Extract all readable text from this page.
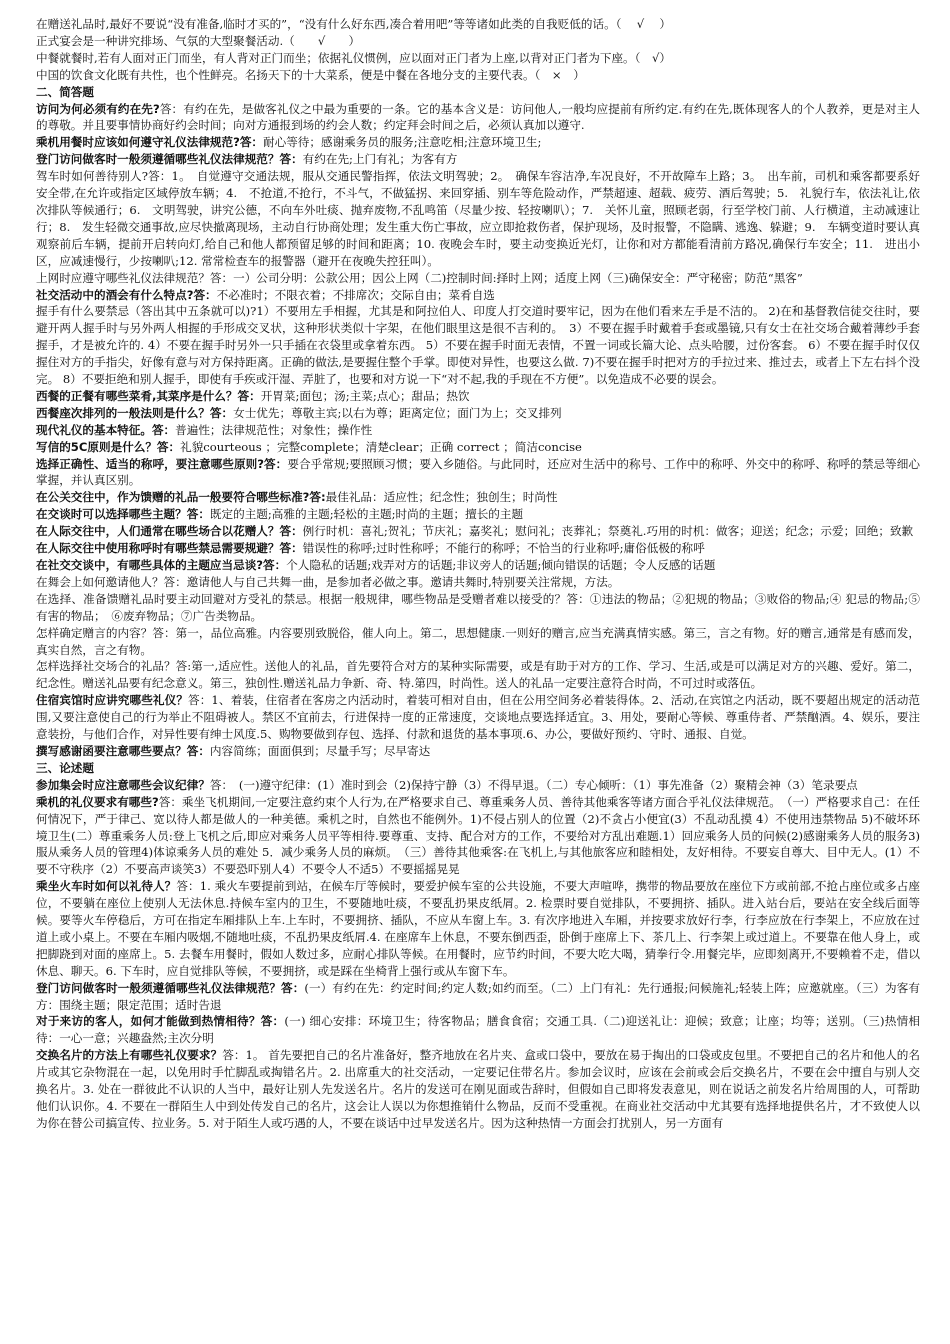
在赠送礼品时,最好不要说“没有准备,临时才买的”，“没有什么好东西,凑合着用吧”等等诸如此类的自我贬低的话。（　 √　 ）

正式宴会是一种讲究排场、气氛的大型聚餐活动.（　　√　　）

中餐就餐时,若有人面对正门而坐，有人背对正门而坐；依据礼仪惯例，应以面对正门者为上座,以背对正门者为下座。（　√）

中国的饮食文化既有共性，也个性鲜亮。名扬天下的十大菜系，便是中餐在各地分支的主要代表。（　×　）

二、简答题

访问为何必须有约在先?答：有约在先，是做客礼仪之中最为重要的一条。它的基本含义是：访问他人,一般均应提前有所约定.有约在先,既体现客人的个人教养，更是对主人的尊敬。并且要事情协商好约会时间；向对方通报到场的约会人数；约定拜会时间之后，必须认真加以遵守.

乘机用餐时应该如何遵守礼仪法律规范?答：耐心等待；感谢乘务员的服务;注意吃相;注意环境卫生;

登门访问做客时一般须遵循哪些礼仪法律规范？答：有约在先;上门有礼；为客有方

驾车时如何善待别人?答：1。　自觉遵守交通法规，服从交通民警指挥，依法文明驾驶；2。　确保车容洁净,车况良好，不开故障车上路；3。　出车前，司机和乘客都要系好安全带,在允许或指定区域停放车辆；4.　不抢道,不抢行，不斗气，不做猛拐、来回穿插、别车等危险动作，严禁超速、超载、疲劳、酒后驾驶；5.　礼貌行车，依法礼让,依次排队等候通行；6.　文明驾驶，讲究公德，不向车外吐痰、抛弃废物,不乱鸣笛（尽量少按、轻按喇叭）；7.　关怀儿童，照顾老弱，行至学校门前、人行横道，主动减速让行；8.　发生轻微交通事故,应尽快撤离现场，主动自行协商处理；发生重大伤亡事故，应立即抢救伤者，保护现场，及时报警，不隐瞒、逃逸、躲避；9.　车辆变道时要认真观察前后车辆，提前开启转向灯,给自己和他人都预留足够的时间和距离；10. 夜晚会车时，要主动变换近光灯，让你和对方都能看清前方路况,确保行车安全；11.　进出小区，应减速慢行，少按喇叭;12. 常常检查车的报警器（避开在夜晚失控狂叫）。

上网时应遵守哪些礼仪法律规范？答：一）公司分明：公款公用；因公上网（二)控制时间:择时上网；适度上网（三)确保安全：严守秘密；防范“黑客”

社交活动中的酒会有什么特点?答：不必准时；不限衣着；不排席次；交际自由；菜肴自选

握手有什么要禁忌（答出其中五条就可以)?1）不要用左手相握，尤其是和阿拉伯人、印度人打交道时要牢记，因为在他们看来左手是不洁的。 2)在和基督教信徒交往时，要避开两人握手时与另外两人相握的手形成交叉状，这种形状类似十字架，在他们眼里这是很不吉利的。　3）不要在握手时戴着手套或墨镜,只有女士在社交场合戴着薄纱手套握手，才是被允许的. 4）不要在握手时另外一只手插在衣袋里或拿着东西。 5）不要在握手时面无表情，不置一词或长篇大论、点头哈腰，过份客套。 6）不要在握手时仅仅握住对方的手指尖，好像有意与对方保持距离。正确的做法,是要握住整个手掌。即使对异性，也要这么做. 7)不要在握手时把对方的手拉过来、推过去，或者上下左右抖个没完。 8）不要拒绝和别人握手，即使有手疾或汗湿、弄脏了，也要和对方说一下“对不起,我的手现在不方便”。以免造成不必要的误会。

西餐的正餐有哪些菜肴,其菜序是什么？答：开胃菜;面包；汤;主菜;点心；甜品；热饮

西餐座次排列的一般法则是什么？答：女士优先；尊敬主宾;以右为尊；距离定位；面门为上；交叉排列

现代礼仪的基本特征。答：普遍性；法律规范性；对象性；操作性

写信的5C原则是什么？答：礼貌courteous ；完整complete；清楚clear；正确 correct ；简洁concise

选择正确性、适当的称呼，要注意哪些原则?答：要合乎常规;要照顾习惯；要入乡随俗。与此同时，还应对生活中的称号、工作中的称呼、外交中的称呼、称呼的禁忌等细心掌握，并认真区别。

在公关交往中，作为馈赠的礼品一般要符合哪些标准?答:最佳礼品：适应性；纪念性；独创生；时尚性

在交谈时可以选择哪些主题？答：既定的主题;高雅的主题;轻松的主题;时尚的主题；擅长的主题

在人际交往中，人们通常在哪些场合以花赠人？答：例行时机：喜礼;贺礼；节庆礼；嘉奖礼；慰问礼；丧葬礼；祭奠礼.巧用的时机：做客；迎送；纪念；示爱；回绝；致歉

在人际交往中使用称呼时有哪些禁忌需要规避？答：错误性的称呼;过时性称呼；不能行的称呼；不恰当的行业称呼;庸俗低极的称呼

在社交交谈中，有哪些具体的主题应当忌谈?答：个人隐私的话题;戏弄对方的话题;非议旁人的话题;倾向错误的话题；令人反感的话题

在舞会上如何邀请他人？答：邀请他人与自己共舞一曲，是参加者必做之事。邀请共舞时,特别要关注常规，方法。

在选择、准备馈赠礼品时要主动回避对方受礼的禁忌。根据一般规律，哪些物品是受赠者难以接受的？答：①违法的物品；②犯规的物品；③败俗的物品;④ 犯忌的物品;⑤ 有害的物品；　⑥废弃物品；⑦广告类物品。

怎样确定赠言的内容？答：第一，品位高雅。内容要別致脱俗，催人向上。第二，思想健康.一则好的赠言,应当充满真情实感。第三，言之有物。好的赠言,通常是有感而发，真实自然，言之有物。

怎样选择社交场合的礼品？答:第一,适应性。送他人的礼品，首先要符合对方的某种实际需要，或是有助于对方的工作、学习、生活,或是可以满足对方的兴趣、爱好。第二，纪念性。赠送礼品要有纪念意义。第三，独创性.赠送礼品力争新、奇、特.第四，时尚性。送人的礼品一定要注意符合时尚，不可过时或落伍。

住宿宾馆时应讲究哪些礼仪？答：1、着装，住宿者在客房之内活动时，着装可相对自由，但在公用空间务必着装得体。2、活动,在宾馆之内活动，既不要超出规定的活动范围,又要注意使自己的行为举止不阻碍被人。禁区不宜前去，行进保持一度的正常速度，交谈地点要选择适宜。3、用处，要耐心等候、尊重侍者、严禁酗酒。4、娱乐，要注意装扮，与他们合作，对异性要有绅士风度.5、购物要做到存包、选择、付款和退货的基本事项.6、办公，要做好预约、守时、通报、自觉。

撰写感谢函要注意哪些要点？答：内容简练；面面俱到；尽量手写；尽早寄达

三、论述题

参加集会时应注意哪些会议纪律？答：　(一)遵守纪律：(1）准时到会（2)保持宁静（3）不得早退。（二）专心倾听：（1）事先准备（2）聚精会神（3）笔录要点

乘机的礼仪要求有哪些?答：乘坐飞机期间,一定要注意约束个人行为,在严格要求自己、尊重乘务人员、善待其他乘客等诸方面合乎礼仪法律规范。　（一）严格要求自己：在任何情况下，严于律己、宽以待人都是做人的一种美德。乘机之时，自然也不能例外。1)不侵占别人的位置（2)不贪占小便宜(3）不乱动乱摸 4）不使用违禁物品 5)不破坏环境卫生(二）尊重乘务人员:登上飞机之后,即应对乘务人员平等相待.要尊重、支持、配合对方的工作，不要给对方乱出难题.1）回应乘务人员的问候(2)感谢乘务人员的服务3)服从乘务人员的管理4)体谅乘务人员的难处 5．减少乘务人员的麻烦。　（三）善待其他乘客:在飞机上,与其他旅客应和睦相处，友好相待。不要妄自尊大、目中无人。(1）不要不守秩序（2）不要高声谈笑3）不要恐吓别人4）不要令人不适5）不要摇摇晃晃

乘坐火车时如何以礼待人？答：1. 乘火车要提前到站，在候车厅等候时，要爱护候车室的公共设施，不要大声喧哗，携带的物品要放在座位下方或前部,不抢占座位或多占座位，不要躺在座位上使别人无法休息.持候车室内的卫生，不要随地吐痰，不要乱扔果皮纸屑。2. 检票时要自觉排队，不要拥挤、插队。进入站台后，要站在安全线后面等候。要等火车停稳后，方可在指定车厢排队上车.上车时，不要拥挤、插队，不应从车窗上车。3. 有次序地进入车厢，并按要求放好行李，行李应放在行李架上，不应放在过道上或小桌上。不要在车厢内吸烟,不随地吐痰，不乱扔果皮纸屑.4. 在座席车上休息，不要东倒西歪，卧倒于座席上下、茶几上、行李架上或过道上。不要靠在他人身上，或把脚跷到对面的座席上。5. 去餐车用餐时，假如人数过多，应耐心排队等候。在用餐时，应节约时间，不要大吃大喝，猜拳行令.用餐完毕，应即刻离开,不要赖着不走，借以休息、聊天。6. 下车时，应自觉排队等候，不要拥挤，或是踩在坐椅背上强行或从车窗下车。

登门访问做客时一般须遵循哪些礼仪法律规范？答：(一）有约在先：约定时间;约定人数;如约而至。（二）上门有礼：先行通报;问候施礼;轻装上阵；应邀就座。（三）为客有方：围绕主题；限定范围；适时告退

对于来访的客人，如何才能做到热情相待？答：(一) 细心安排：环境卫生；待客物品；膳食食宿；交通工具.（二)迎送礼让：迎候；致意；让座；均等；送别。（三)热情相待：一心一意；兴趣盎然;主次分明

交换名片的方法上有哪些礼仪要求？答：1。 首先要把自己的名片准备好，整齐地放在名片夹、盒或口袋中，要放在易于掏出的口袋或皮包里。不要把自己的名片和他人的名片或其它杂物混在一起，以免用时手忙脚乱或掏错名片。2. 出席重大的社交活动，一定要记住带名片。参加会议时，应该在会前或会后交换名片，不要在会中擅自与别人交换名片。3. 处在一群彼此不认识的人当中，最好让别人先发送名片。名片的发送可在刚见面或告辞时，但假如自己即将发表意见，则在说话之前发名片给周围的人，可帮助他们认识你。4. 不要在一群陌生人中到处传发自己的名片，这会让人误以为你想推销什么物品，反而不受重视。在商业社交活动中尤其要有选择地提供名片，才不致使人以为你在替公司搞宣传、拉业务。5. 对于陌生人或巧遇的人，不要在谈话中过早发送名片。因为这种热情一方面会打扰别人，另一方面有
